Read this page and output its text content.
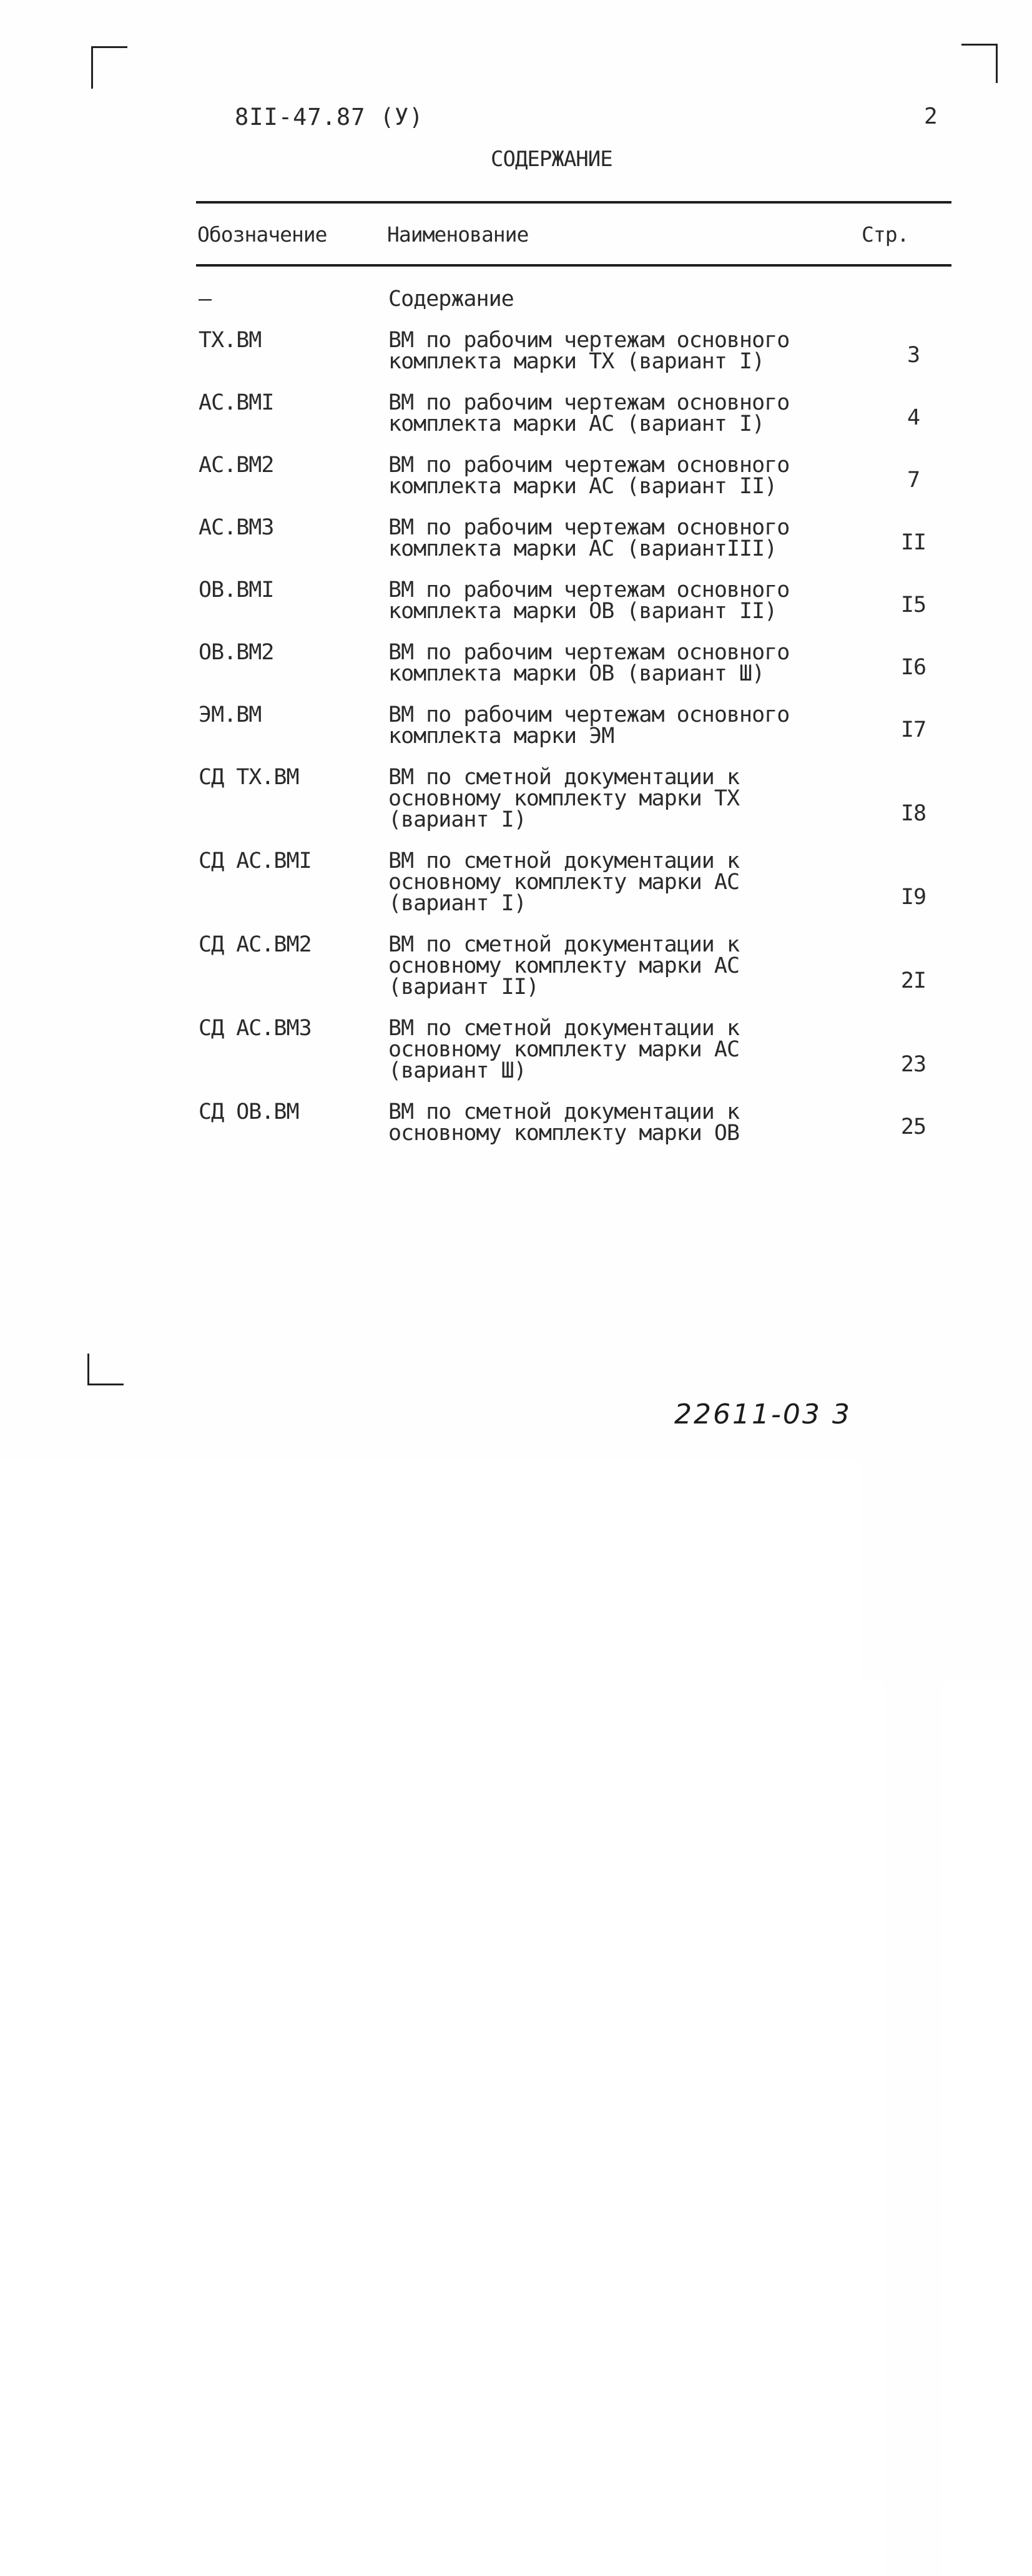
8II-47.87 (У)	2
СОДЕРЖАНИЕ
Обозначение	Наименование	Стр.
–	Содержание
ТХ.ВМ	ВМ по рабочим чертежам основного
комплекта марки ТХ (вариант I)	3
АС.ВМI	ВМ по рабочим чертежам основного
комплекта марки АС (вариант I)	4
АС.ВМ2	ВМ по рабочим чертежам основного
комплекта марки АС (вариант II)	7
АС.ВМ3	ВМ по рабочим чертежам основного
комплекта марки АС (вариантIII)	II
ОВ.ВМI	ВМ по рабочим чертежам основного
комплекта марки ОВ (вариант II)	I5
ОВ.ВМ2	ВМ по рабочим чертежам основного
комплекта марки ОВ (вариант Ш)	I6
ЭМ.ВМ	ВМ по рабочим чертежам основного
комплекта марки ЭМ	I7
СД ТХ.ВМ	ВМ по сметной документации к
основному комплекту марки ТХ
(вариант I)	I8
СД АС.ВМI	ВМ по сметной документации к
основному комплекту марки АС
(вариант I)	I9
СД АС.ВМ2	ВМ по сметной документации к
основному комплекту марки АС
(вариант II)	2I
СД АС.ВМ3	ВМ по сметной документации к
основному комплекту марки АС
(вариант Ш)	23
СД ОВ.ВМ	ВМ по сметной документации к
основному комплекту марки ОВ	25
22611-03 3
